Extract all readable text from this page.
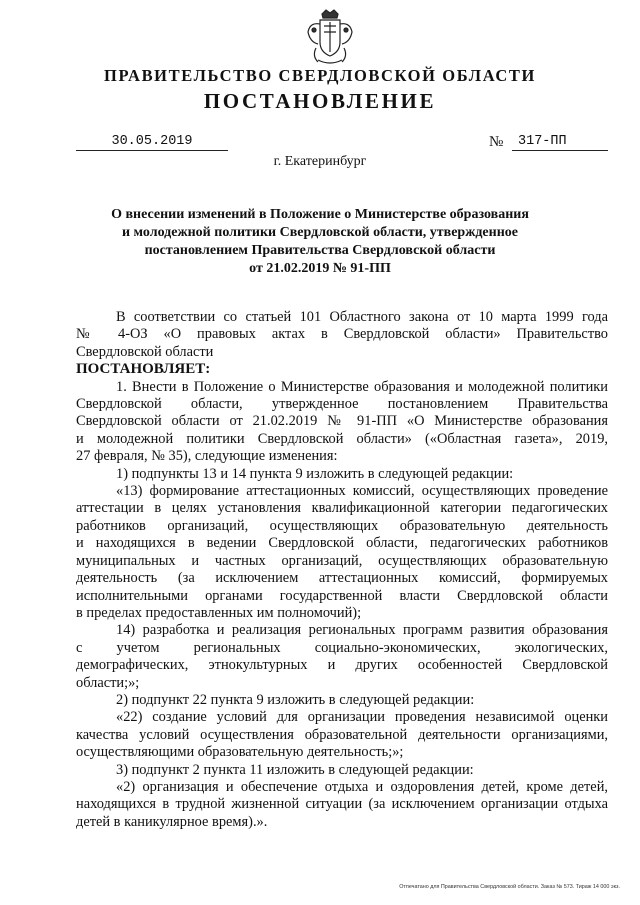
ПРАВИТЕЛЬСТВО СВЕРДЛОВСКОЙ ОБЛАСТИ
ПОСТАНОВЛЕНИЕ
30.05.2019	№	317-ПП
г. Екатеринбург
О внесении изменений в Положение о Министерстве образования
и молодежной политики Свердловской области, утвержденное
постановлением Правительства Свердловской области
от 21.02.2019 № 91-ПП
В соответствии со статьей 101 Областного закона от 10 марта 1999 года
№ 4-ОЗ «О правовых актах в Свердловской области» Правительство
Свердловской области
ПОСТАНОВЛЯЕТ:
1. Внести в Положение о Министерстве образования и молодежной политики
Свердловской области, утвержденное постановлением Правительства
Свердловской области от 21.02.2019 № 91-ПП «О Министерстве образования
и молодежной политики Свердловской области» («Областная газета», 2019,
27 февраля, № 35), следующие изменения:
1) подпункты 13 и 14 пункта 9 изложить в следующей редакции:
«13) формирование аттестационных комиссий, осуществляющих проведение
аттестации в целях установления квалификационной категории педагогических
работников организаций, осуществляющих образовательную деятельность
и находящихся в ведении Свердловской области, педагогических работников
муниципальных и частных организаций, осуществляющих образовательную
деятельность (за исключением аттестационных комиссий, формируемых
исполнительными органами государственной власти Свердловской области
в пределах предоставленных им полномочий);
14) разработка и реализация региональных программ развития образования
с учетом региональных социально-экономических, экологических,
демографических, этнокультурных и других особенностей Свердловской
области;»;
2) подпункт 22 пункта 9 изложить в следующей редакции:
«22) создание условий для организации проведения независимой оценки
качества условий осуществления образовательной деятельности организациями,
осуществляющими образовательную деятельность;»;
3) подпункт 2 пункта 11 изложить в следующей редакции:
«2) организация и обеспечение отдыха и оздоровления детей, кроме детей,
находящихся в трудной жизненной ситуации (за исключением организации отдыха
детей в каникулярное время).».
Отпечатано для Правительства Свердловской области. Заказ № 573. Тираж 14 000 экз.
